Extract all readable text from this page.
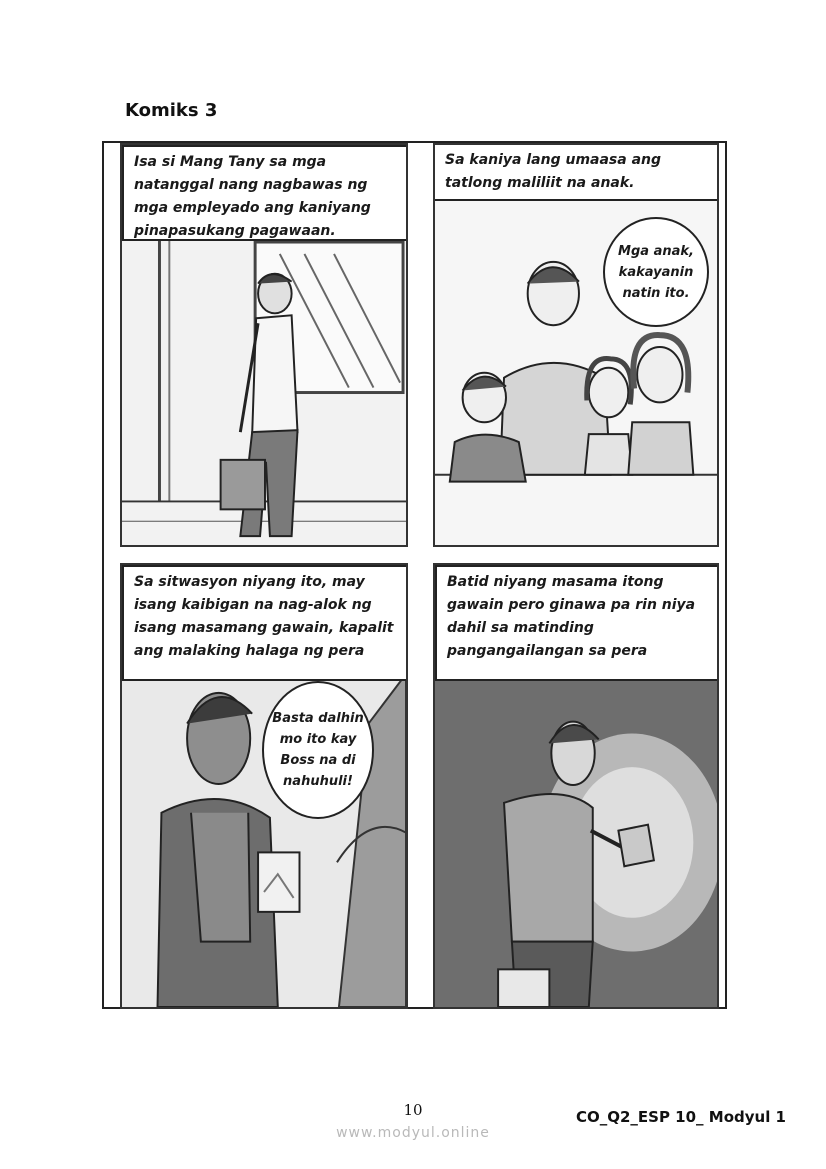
Komiks 3
Isa si Mang Tany sa mga natanggal nang nagbawas ng mga empleyado ang kaniyang pinapasukang pagawaan.
Sa kaniya lang umaasa ang tatlong maliliit na anak.
Mga anak,
kakayanin
natin ito.
Sa sitwasyon niyang ito, may isang kaibigan na nag-alok ng isang masamang gawain, kapalit ang malaking halaga ng pera
Basta dalhin
mo ito kay
Boss na di
nahuhuli!
Batid niyang masama itong gawain pero ginawa pa rin niya dahil sa matinding pangangailangan sa pera
10	CO_Q2_ESP 10_ Modyul 1
www.modyul.online
